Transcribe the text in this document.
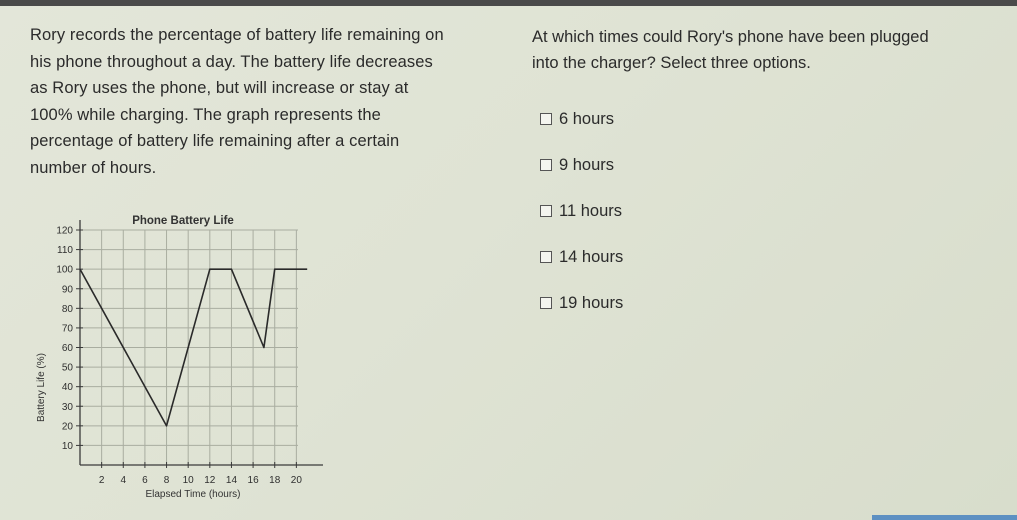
Rory records the percentage of battery life remaining on
his phone throughout a day. The battery life decreases
as Rory uses the phone, but will increase or stay at
100% while charging. The graph represents the
percentage of battery life remaining after a certain
number of hours.
At which times could Rory's phone have been plugged
into the charger? Select three options.
6 hours
9 hours
11 hours
14 hours
19 hours
2 4 6 8 10 12 14 16 18 20
10
20
30
40
50
60
70
80
90
100
110
120
Phone Battery Life
Elapsed Time (hours)
Battery Life (%)
